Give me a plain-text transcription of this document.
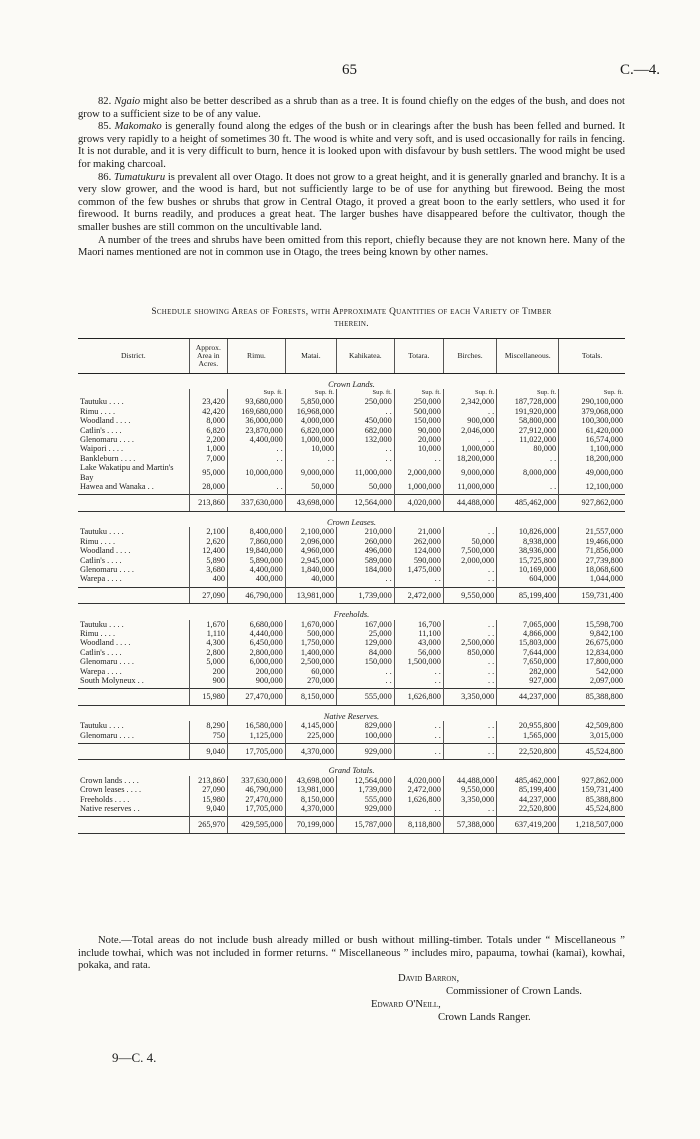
65	C.—4.

82. Ngaio might also be better described as a shrub than as a tree. It is found chiefly on the edges of the bush, and does not grow to a sufficient size to be of any value.

85. Makomako is generally found along the edges of the bush or in clearings after the bush has been felled and burned. It grows very rapidly to a height of sometimes 30 ft. The wood is white and very soft, and is used occasionally for rails in fencing. It is not durable, and it is very difficult to burn, hence it is looked upon with disfavour by bush settlers. The wood might be used for making charcoal.

86. Tumatukuru is prevalent all over Otago. It does not grow to a great height, and it is generally gnarled and branchy. It is a very slow grower, and the wood is hard, but not sufficiently large to be of use for anything but firewood. Being the most common of the few bushes or shrubs that grow in Central Otago, it proved a great boon to the early settlers, who used it for firewood. It burns readily, and produces a great heat. The larger bushes have disappeared before the cultivator, though the smaller bushes are still common on the uncultivable land.

A number of the trees and shrubs have been omitted from this report, chiefly because they are not known here. Many of the Maori names mentioned are not in common use in Otago, the trees being known by other names.

Schedule showing Areas of Forests, with Approximate Quantities of each Variety of Timber
therein.
District.	Approx. Area in Acres.	Rimu.	Matai.	Kahikatea.	Totara.	Birches.	Miscellaneous.	Totals.
Crown Lands.								
		Sup. ft.	Sup. ft.	Sup. ft.	Sup. ft.	Sup. ft.	Sup. ft.	Sup. ft.
Tautuku . . . .	23,420	93,680,000	5,850,000	250,000	250,000	2,342,000	187,728,000	290,100,000
Rimu . . . .	42,420	169,680,000	16,968,000	. .	500,000	. .	191,920,000	379,068,000
Woodland . . . .	8,000	36,000,000	4,000,000	450,000	150,000	900,000	58,800,000	100,300,000
Catlin's . . . .	6,820	23,870,000	6,820,000	682,000	90,000	2,046,000	27,912,000	61,420,000
Glenomaru . . . .	2,200	4,400,000	1,000,000	132,000	20,000	. .	11,022,000	16,574,000
Waipori . . . .	1,000	. .	10,000	. .	10,000	1,000,000	80,000	1,100,000
Bankleburn . . . .	7,000	. .	. .	. .	. .	18,200,000	. .	18,200,000
Lake Wakatipu and Martin's Bay	95,000	10,000,000	9,000,000	11,000,000	2,000,000	9,000,000	8,000,000	49,000,000
Hawea and Wanaka . .	28,000	. .	50,000	50,000	1,000,000	11,000,000	. .	12,100,000

	213,860	337,630,000	43,698,000	12,564,000	4,020,000	44,488,000	485,462,000	927,862,000
Crown Leases.								
Tautuku . . . .	2,100	8,400,000	2,100,000	210,000	21,000	. .	10,826,000	21,557,000
Rimu . . . .	2,620	7,860,000	2,096,000	260,000	262,000	50,000	8,938,000	19,466,000
Woodland . . . .	12,400	19,840,000	4,960,000	496,000	124,000	7,500,000	38,936,000	71,856,000
Catlin's . . . .	5,890	5,890,000	2,945,000	589,000	590,000	2,000,000	15,725,800	27,739,800
Glenomaru . . . .	3,680	4,400,000	1,840,000	184,000	1,475,000	. .	10,169,000	18,068,600
Warepa . . . .	400	400,000	40,000	. .	. .	. .	604,000	1,044,000

	27,090	46,790,000	13,981,000	1,739,000	2,472,000	9,550,000	85,199,400	159,731,400
Freeholds.								
Tautuku . . . .	1,670	6,680,000	1,670,000	167,000	16,700	. .	7,065,000	15,598,700
Rimu . . . .	1,110	4,440,000	500,000	25,000	11,100	. .	4,866,000	9,842,100
Woodland . . . .	4,300	6,450,000	1,750,000	129,000	43,000	2,500,000	15,803,000	26,675,000
Catlin's . . . .	2,800	2,800,000	1,400,000	84,000	56,000	850,000	7,644,000	12,834,000
Glenomaru . . . .	5,000	6,000,000	2,500,000	150,000	1,500,000	. .	7,650,000	17,800,000
Warepa . . . .	200	200,000	60,000	. .	. .	. .	282,000	542,000
South Molyneux . .	900	900,000	270,000	. .	. .	. .	927,000	2,097,000

	15,980	27,470,000	8,150,000	555,000	1,626,800	3,350,000	44,237,000	85,388,800
Native Reserves.								
Tautuku . . . .	8,290	16,580,000	4,145,000	829,000	. .	. .	20,955,800	42,509,800
Glenomaru . . . .	750	1,125,000	225,000	100,000	. .	. .	1,565,000	3,015,000

	9,040	17,705,000	4,370,000	929,000	. .	. .	22,520,800	45,524,800
Grand Totals.								
Crown lands . . . .	213,860	337,630,000	43,698,000	12,564,000	4,020,000	44,488,000	485,462,000	927,862,000
Crown leases . . . .	27,090	46,790,000	13,981,000	1,739,000	2,472,000	9,550,000	85,199,400	159,731,400
Freeholds . . . .	15,980	27,470,000	8,150,000	555,000	1,626,800	3,350,000	44,237,000	85,388,800
Native reserves . .	9,040	17,705,000	4,370,000	929,000	. .	. .	22,520,800	45,524,800

	265,970	429,595,000	70,199,000	15,787,000	8,118,800	57,388,000	637,419,200	1,218,507,000

Note.—Total areas do not include bush already milled or bush without milling-timber. Totals under “ Miscellaneous ” include towhai, which was not included in former returns. “ Miscellaneous ” includes miro, papauma, towhai (kamai), kowhai, pokaka, and rata.

David Barron,
Commissioner of Crown Lands.
Edward O'Neill,
Crown Lands Ranger.
9—C. 4.
